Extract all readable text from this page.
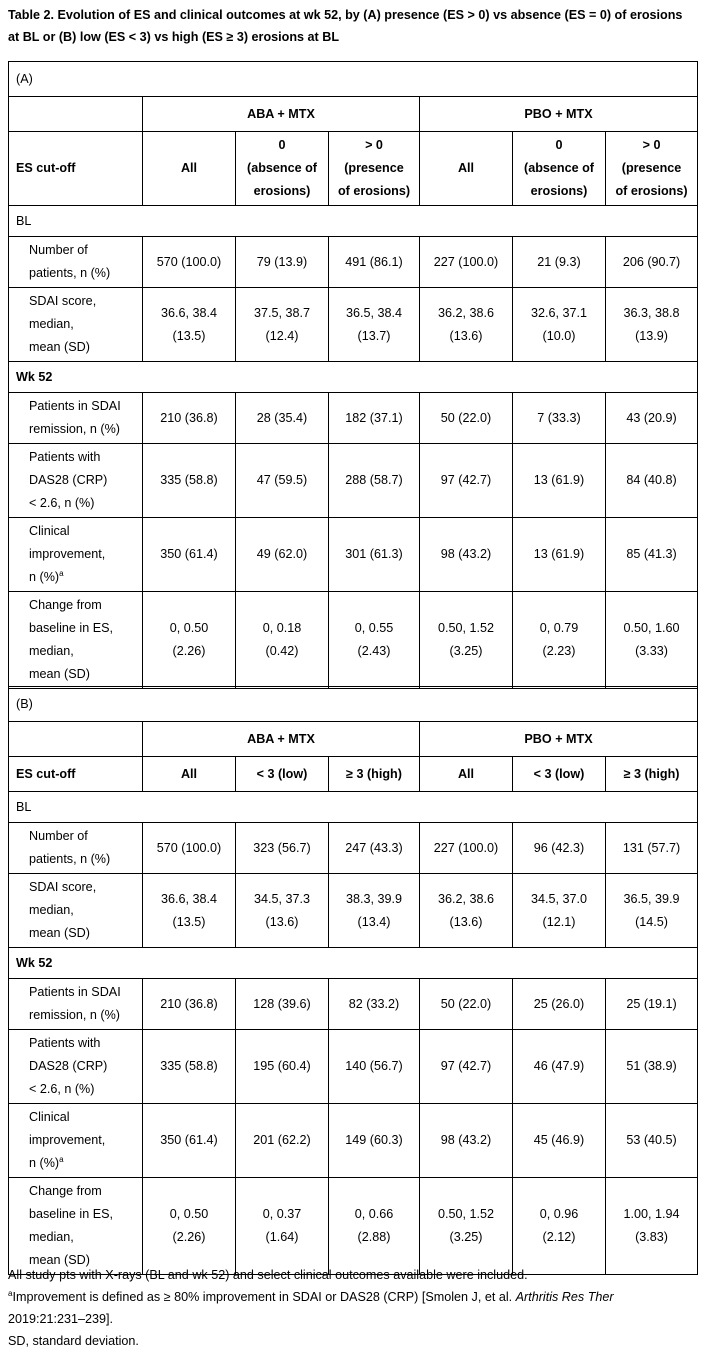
Table 2. Evolution of ES and clinical outcomes at wk 52, by (A) presence (ES > 0) vs absence (ES = 0) of erosions at BL or (B) low (ES < 3) vs high (ES ≥ 3) erosions at BL
(A)						
	ABA + MTX			PBO + MTX		
ES cut-off	All	0
(absence of
erosions)	> 0
(presence
of erosions)	All	0
(absence of
erosions)	> 0
(presence
of erosions)
BL						
Number of
patients, n (%)	570 (100.0)	79 (13.9)	491 (86.1)	227 (100.0)	21 (9.3)	206 (90.7)
SDAI score,
median,
mean (SD)	36.6, 38.4
(13.5)	37.5, 38.7
(12.4)	36.5, 38.4
(13.7)	36.2, 38.6
(13.6)	32.6, 37.1
(10.0)	36.3, 38.8
(13.9)
Wk 52						
Patients in SDAI
remission, n (%)	210 (36.8)	28 (35.4)	182 (37.1)	50 (22.0)	7 (33.3)	43 (20.9)
Patients with
DAS28 (CRP)
< 2.6, n (%)	335 (58.8)	47 (59.5)	288 (58.7)	97 (42.7)	13 (61.9)	84 (40.8)
Clinical
improvement,
n (%)$^a$	350 (61.4)	49 (62.0)	301 (61.3)	98 (43.2)	13 (61.9)	85 (41.3)
Change from
baseline in ES,
median,
mean (SD)	0, 0.50
(2.26)	0, 0.18
(0.42)	0, 0.55
(2.43)	0.50, 1.52
(3.25)	0, 0.79
(2.23)	0.50, 1.60
(3.33)
(B)						
	ABA + MTX			PBO + MTX		
ES cut-off	All	< 3 (low)	≥ 3 (high)	All	< 3 (low)	≥ 3 (high)
BL						
Number of
patients, n (%)	570 (100.0)	323 (56.7)	247 (43.3)	227 (100.0)	96 (42.3)	131 (57.7)
SDAI score,
median,
mean (SD)	36.6, 38.4
(13.5)	34.5, 37.3
(13.6)	38.3, 39.9
(13.4)	36.2, 38.6
(13.6)	34.5, 37.0
(12.1)	36.5, 39.9
(14.5)
Wk 52						
Patients in SDAI
remission, n (%)	210 (36.8)	128 (39.6)	82 (33.2)	50 (22.0)	25 (26.0)	25 (19.1)
Patients with
DAS28 (CRP)
< 2.6, n (%)	335 (58.8)	195 (60.4)	140 (56.7)	97 (42.7)	46 (47.9)	51 (38.9)
Clinical
improvement,
n (%)$^a$	350 (61.4)	201 (62.2)	149 (60.3)	98 (43.2)	45 (46.9)	53 (40.5)
Change from
baseline in ES,
median,
mean (SD)	0, 0.50
(2.26)	0, 0.37
(1.64)	0, 0.66
(2.88)	0.50, 1.52
(3.25)	0, 0.96
(2.12)	1.00, 1.94
(3.83)
All study pts with X-rays (BL and wk 52) and select clinical outcomes available were included.
$^a$Improvement is defined as ≥ 80% improvement in SDAI or DAS28 (CRP) [Smolen J, et al. Arthritis Res Ther 2019:21:231–239].
SD, standard deviation.
